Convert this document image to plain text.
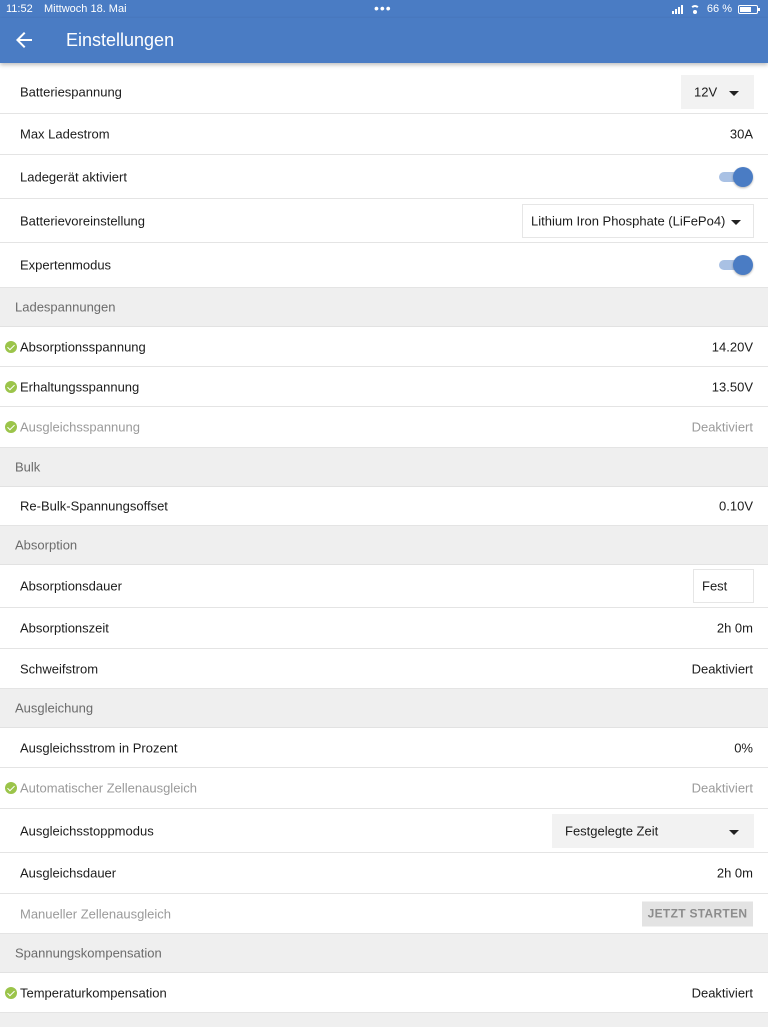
11:52 Mittwoch 18. Mai	•••	66 %
Einstellungen
Batteriespannung	12V
Max Ladestrom	30A
Ladegerät aktiviert
Batterievoreinstellung	Lithium Iron Phosphate (LiFePo4)
Expertenmodus
Ladespannungen
Absorptionsspannung	14.20V
Erhaltungsspannung	13.50V
Ausgleichsspannung	Deaktiviert
Bulk
Re-Bulk-Spannungsoffset	0.10V
Absorption
Absorptionsdauer	Fest
Absorptionszeit	2h 0m
Schweifstrom	Deaktiviert
Ausgleichung
Ausgleichsstrom in Prozent	0%
Automatischer Zellenausgleich	Deaktiviert
Ausgleichsstoppmodus	Festgelegte Zeit
Ausgleichsdauer	2h 0m
Manueller Zellenausgleich	JETZT STARTEN
Spannungskompensation
Temperaturkompensation	Deaktiviert
